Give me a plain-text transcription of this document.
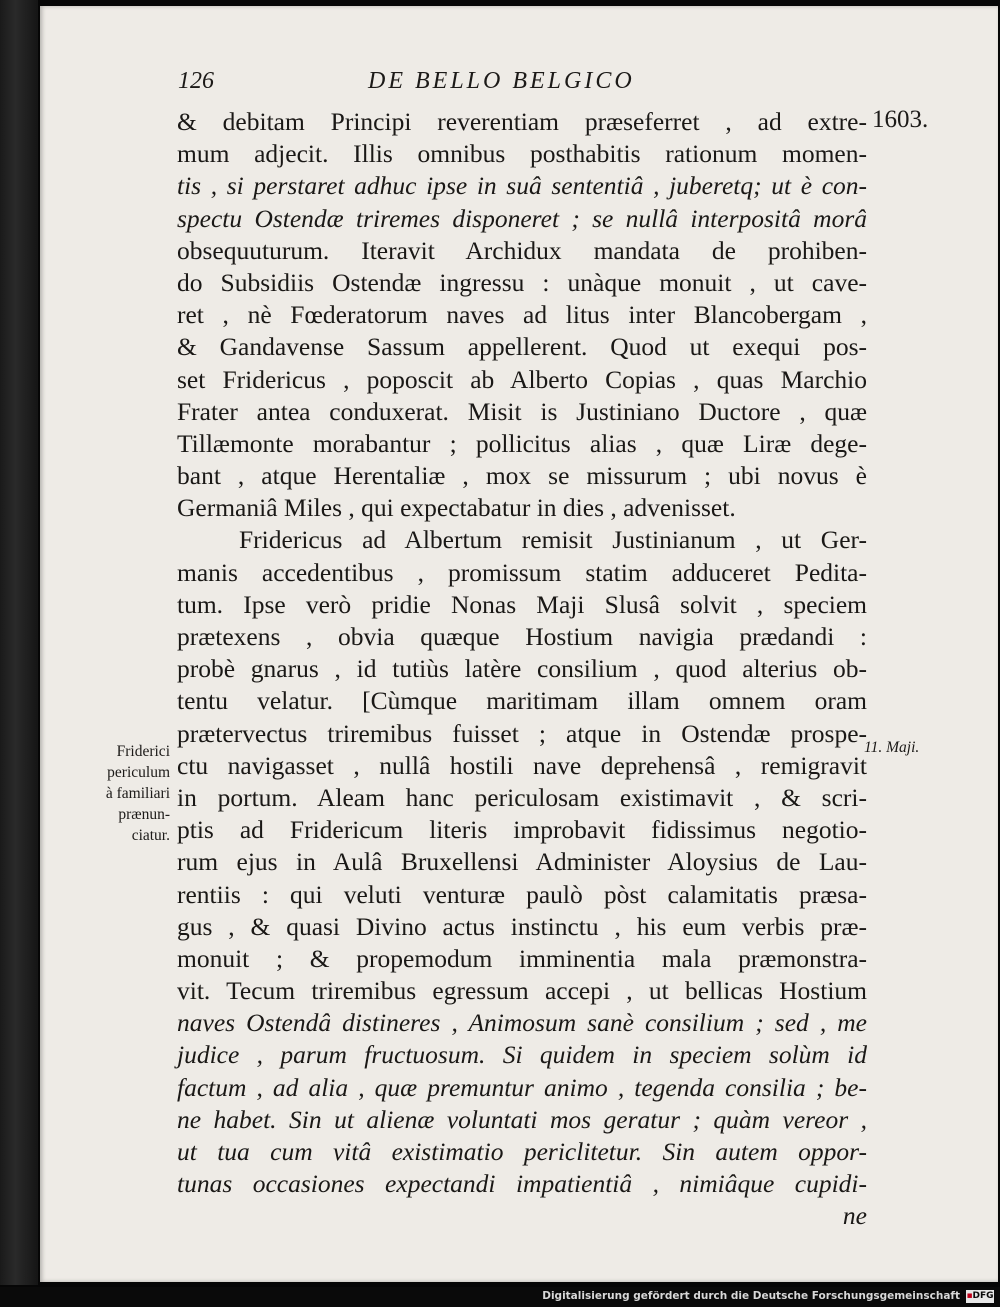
126	DE BELLO BELGICO
1603.
& debitam Principi reverentiam præseferret , ad extre-
mum adjecit. Illis omnibus posthabitis rationum momen-
tis , si perstaret adhuc ipse in suâ sententiâ , juberetq; ut è con-
spectu Ostendæ triremes disponeret ; se nullâ interpositâ morâ
obsequuturum. Iteravit Archidux mandata de prohiben-
do Subsidiis Ostendæ ingressu : unàque monuit , ut cave-
ret , nè Fœderatorum naves ad litus inter Blancobergam ,
& Gandavense Sassum appellerent. Quod ut exequi pos-
set Fridericus , poposcit ab Alberto Copias , quas Marchio
Frater antea conduxerat. Misit is Justiniano Ductore , quæ
Tillæmonte morabantur ; pollicitus alias , quæ Liræ dege-
bant , atque Herentaliæ , mox se missurum ; ubi novus è
Germaniâ Miles , qui expectabatur in dies , advenisset.
Fridericus ad Albertum remisit Justinianum , ut Ger-
manis accedentibus , promissum statim adduceret Pedita-
tum. Ipse verò pridie Nonas Maji Slusâ solvit , speciem
prætexens , obvia quæque Hostium navigia prædandi :
probè gnarus , id tutiùs latère consilium , quod alterius ob-
tentu velatur. [Cùmque maritimam illam omnem oram
prætervectus triremibus fuisset ; atque in Ostendæ prospe-
ctu navigasset , nullâ hostili nave deprehensâ , remigravit
in portum. Aleam hanc periculosam existimavit , & scri-
ptis ad Fridericum literis improbavit fidissimus negotio-
rum ejus in Aulâ Bruxellensi Administer Aloysius de Lau-
rentiis : qui veluti venturæ paulò pòst calamitatis præsa-
gus , & quasi Divino actus instinctu , his eum verbis præ-
monuit ; & propemodum imminentia mala præmonstra-
vit. Tecum triremibus egressum accepi , ut bellicas Hostium
naves Ostendâ distineres , Animosum sanè consilium ; sed , me
judice , parum fructuosum. Si quidem in speciem solùm id
factum , ad alia , quæ premuntur animo , tegenda consilia ; be-
ne habet. Sin ut alienæ voluntati mos geratur ; quàm vereor ,
ut tua cum vitâ existimatio periclitetur. Sin autem oppor-
tunas occasiones expectandi impatientiâ , nimiâque cupidi-
ne
Friderici
periculum
à familiari
prænun-
ciatur.
11. Maji.
Digitalisierung gefördert durch die Deutsche Forschungsgemeinschaft ▪DFG
